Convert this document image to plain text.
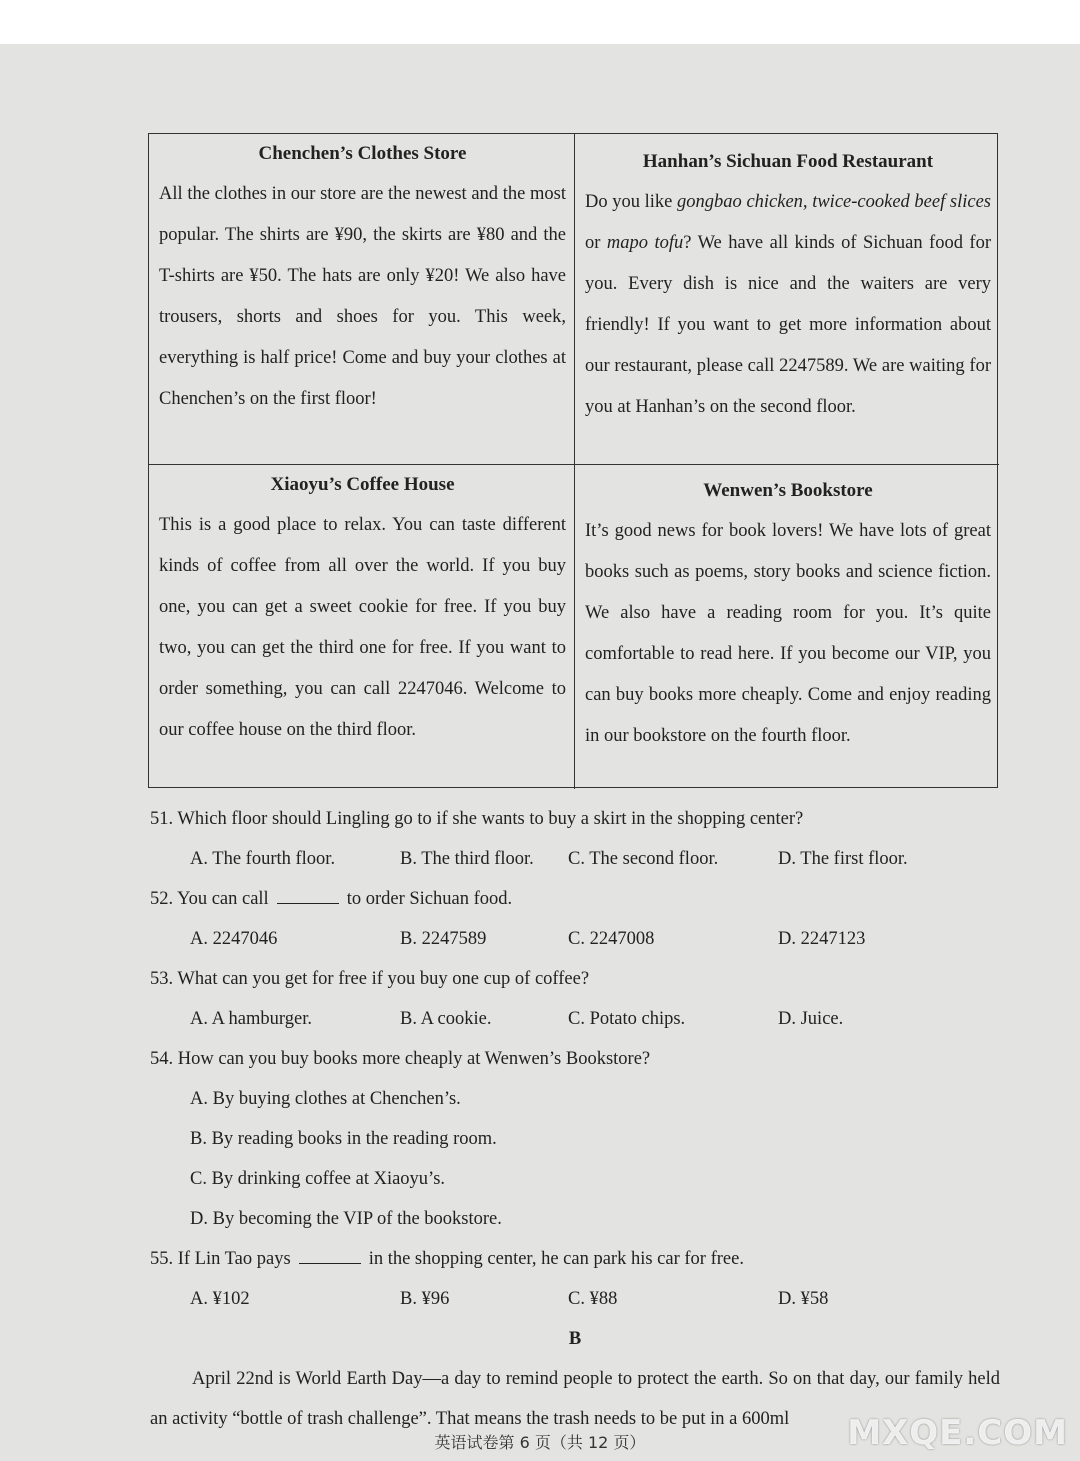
Chenchen’s Clothes Store

All the clothes in our store are the newest and the most popular. The shirts are ¥90, the skirts are ¥80 and the T-shirts are ¥50. The hats are only ¥20! We also have trousers, shorts and shoes for you. This week, everything is half price! Come and buy your clothes at Chenchen’s on the first floor!

Hanhan’s Sichuan Food Restaurant

Do you like gongbao chicken, twice-cooked beef slices or mapo tofu? We have all kinds of Sichuan food for you. Every dish is nice and the waiters are very friendly! If you want to get more information about our restaurant, please call 2247589. We are waiting for you at Hanhan’s on the second floor.

Xiaoyu’s Coffee House

This is a good place to relax. You can taste different kinds of coffee from all over the world. If you buy one, you can get a sweet cookie for free. If you buy two, you can get the third one for free. If you want to order something, you can call 2247046. Welcome to our coffee house on the third floor.

Wenwen’s Bookstore

It’s good news for book lovers! We have lots of great books such as poems, story books and science fiction. We also have a reading room for you. It’s quite comfortable to read here. If you become our VIP, you can buy books more cheaply. Come and enjoy reading in our bookstore on the fourth floor.

51. Which floor should Lingling go to if she wants to buy a skirt in the shopping center?
A. The fourth floor.	B. The third floor. C. The second floor.	D. The first floor.
52. You can call	to order Sichuan food.
A. 2247046	B. 2247589	C. 2247008	D. 2247123
53. What can you get for free if you buy one cup of coffee?
A. A hamburger.	B. A cookie.	C. Potato chips.	D. Juice.
54. How can you buy books more cheaply at Wenwen’s Bookstore?
A. By buying clothes at Chenchen’s.
B. By reading books in the reading room.
C. By drinking coffee at Xiaoyu’s.
D. By becoming the VIP of the bookstore.
55. If Lin Tao pays	in the shopping center, he can park his car for free.
A. ¥102	B. ¥96	C. ¥88	D. ¥58
B
April 22nd is World Earth Day—a day to remind people to protect the earth. So on that day, our family held an activity “bottle of trash challenge”. That means the trash needs to be put in a 600ml
英语试卷第 6 页（共 12 页）	MXQE.COM
